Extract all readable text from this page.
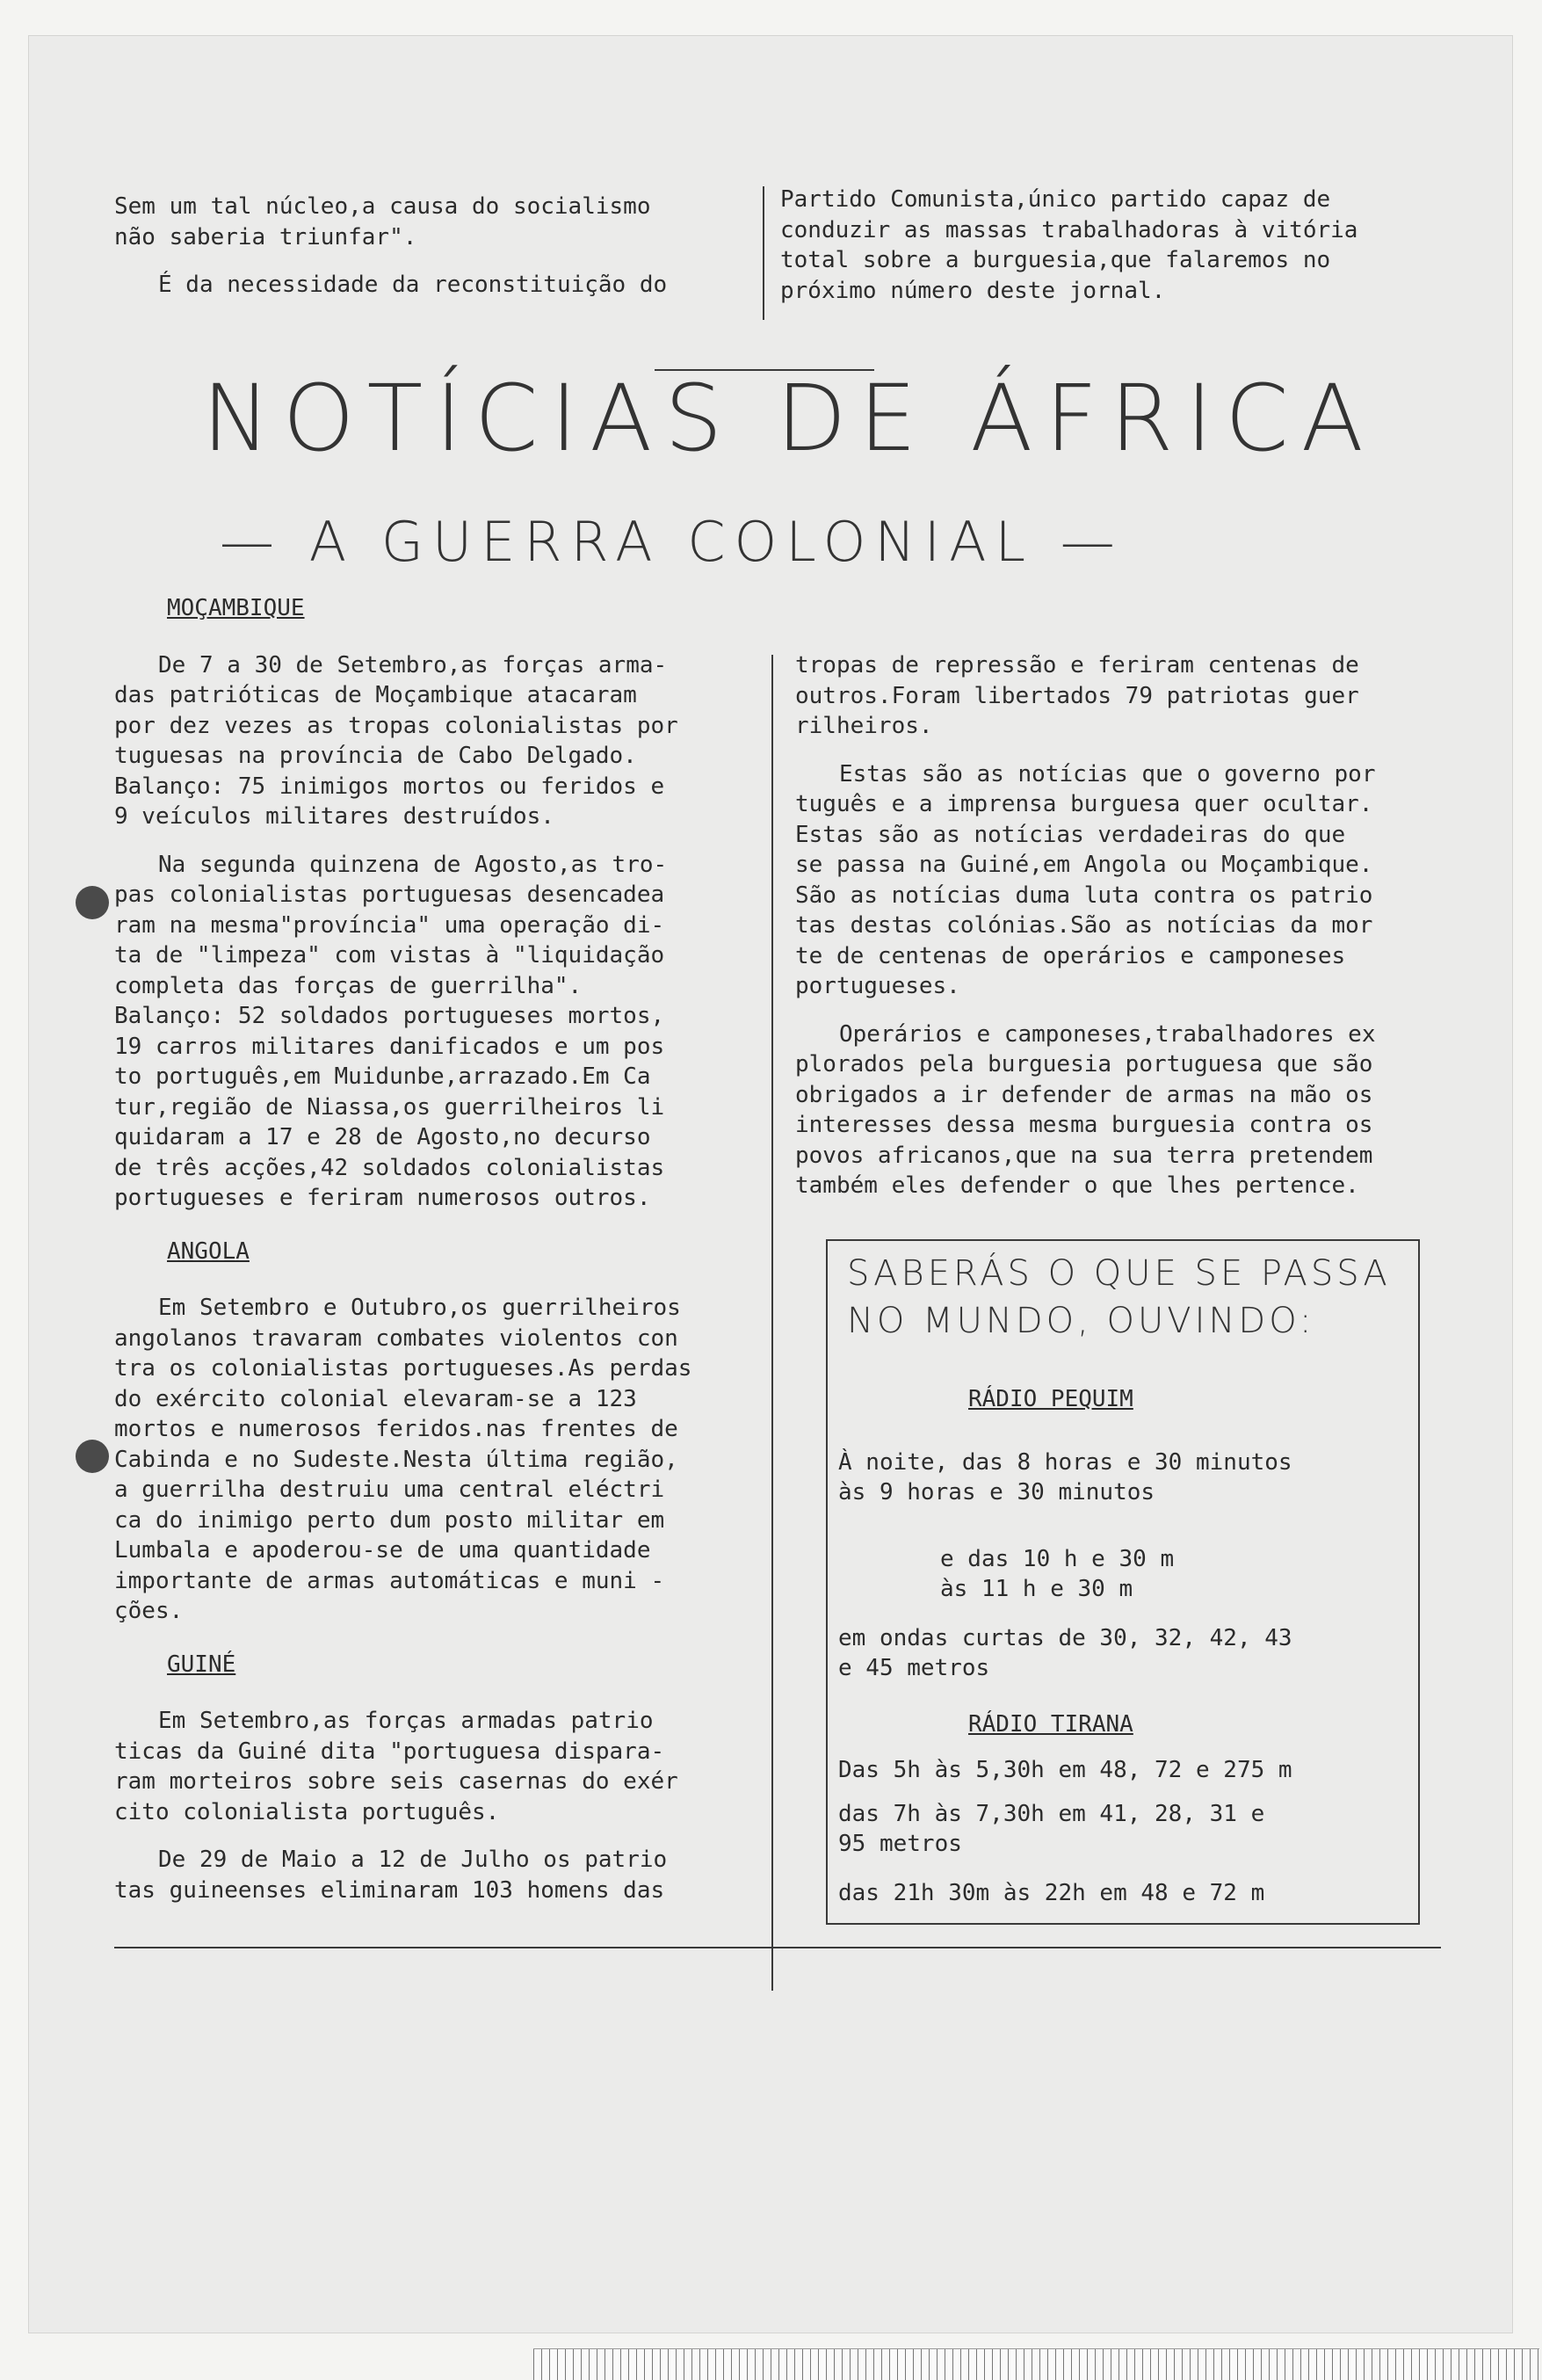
Sem um tal núcleo,a causa do socialismo
não saberia triunfar".

É da necessidade da reconstituição do

Partido Comunista,único partido capaz de
conduzir as massas trabalhadoras à vitória
total sobre a burguesia,que falaremos no
próximo número deste jornal.

NOTÍCIAS DE ÁFRICA
— A GUERRA COLONIAL —
MOÇAMBIQUE

De 7 a 30 de Setembro,as forças arma-
das patrióticas de Moçambique atacaram
por dez vezes as tropas colonialistas por
tuguesas na província de Cabo Delgado.
Balanço: 75 inimigos mortos ou feridos e
9 veículos militares destruídos.

Na segunda quinzena de Agosto,as tro-
pas colonialistas portuguesas desencadea
ram na mesma"província" uma operação di-
ta de "limpeza" com vistas à "liquidação
completa das forças de guerrilha".
Balanço: 52 soldados portugueses mortos,
19 carros militares danificados e um pos
to português,em Muidunbe,arrazado.Em Ca
tur,região de Niassa,os guerrilheiros li
quidaram a 17 e 28 de Agosto,no decurso
de três acções,42 soldados colonialistas
portugueses e feriram numerosos outros.

ANGOLA

Em Setembro e Outubro,os guerrilheiros
angolanos travaram combates violentos con
tra os colonialistas portugueses.As perdas
do exército colonial elevaram-se a 123
mortos e numerosos feridos.nas frentes de
Cabinda e no Sudeste.Nesta última região,
a guerrilha destruiu uma central eléctri
ca do inimigo perto dum posto militar em
Lumbala e apoderou-se de uma quantidade
importante de armas automáticas e muni -
ções.

GUINÉ

Em Setembro,as forças armadas patrio
ticas da Guiné dita "portuguesa dispara-
ram morteiros sobre seis casernas do exér
cito colonialista português.

De 29 de Maio a 12 de Julho os patrio
tas guineenses eliminaram 103 homens das

tropas de repressão e feriram centenas de
outros.Foram libertados 79 patriotas guer
rilheiros.

Estas são as notícias que o governo por
tuguês e a imprensa burguesa quer ocultar.
Estas são as notícias verdadeiras do que
se passa na Guiné,em Angola ou Moçambique.
São as notícias duma luta contra os patrio
tas destas colónias.São as notícias da mor
te de centenas de operários e camponeses
portugueses.

Operários e camponeses,trabalhadores ex
plorados pela burguesia portuguesa que são
obrigados a ir defender de armas na mão os
interesses dessa mesma burguesia contra os
povos africanos,que na sua terra pretendem
também eles defender o que lhes pertence.

SABERÁS O QUE SE PASSA
NO MUNDO, OUVINDO:
RÁDIO PEQUIM
À noite, das 8 horas e 30 minutos
às 9 horas e 30 minutos
e das 10 h e 30 m
às 11 h e 30 m
em ondas curtas de 30, 32, 42, 43
e 45 metros
RÁDIO TIRANA
Das 5h às 5,30h em 48, 72 e 275 m
das 7h às 7,30h em 41, 28, 31 e
95 metros
das 21h 30m às 22h em 48 e 72 m
